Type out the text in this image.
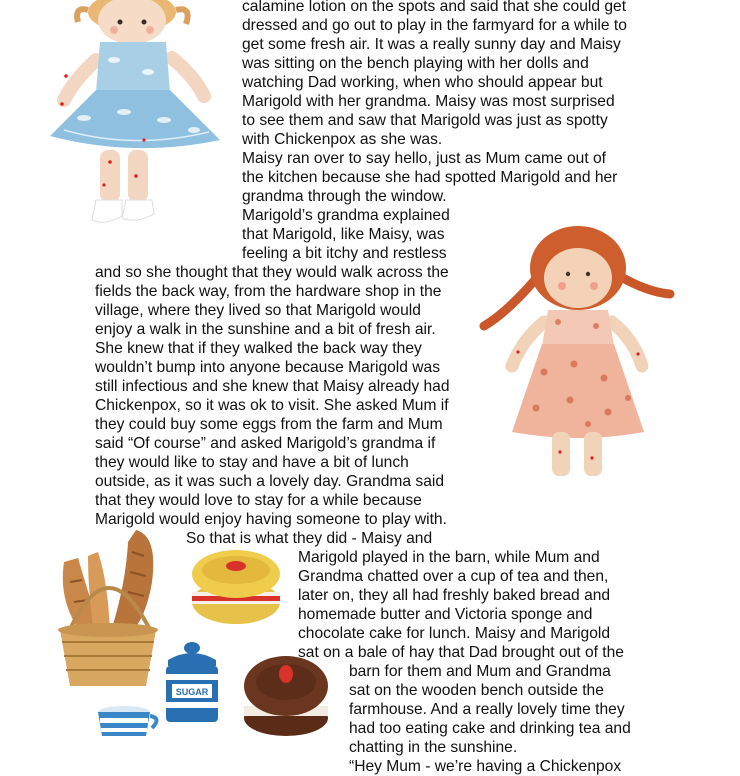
SUGAR

calamine lotion on the spots and said that she could get

dressed and go out to play in the farmyard for a while to

get some fresh air. It was a really sunny day and Maisy

was sitting on the bench playing with her dolls and

watching Dad working, when who should appear but

Marigold with her grandma. Maisy was most surprised

to see them and saw that Marigold was just as spotty

with Chickenpox as she was.

Maisy ran over to say hello, just as Mum came out of

the kitchen because she had spotted Marigold and her

grandma through the window.

Marigold’s grandma explained

that Marigold, like Maisy, was

feeling a bit itchy and restless

and so she thought that they would walk across the

fields the back way, from the hardware shop in the

village, where they lived so that Marigold would

enjoy a walk in the sunshine and a bit of fresh air.

She knew that if they walked the back way they

wouldn’t bump into anyone because Marigold was

still infectious and she knew that Maisy already had

Chickenpox, so it was ok to visit. She asked Mum if

they could buy some eggs from the farm and Mum

said “Of course” and asked Marigold’s grandma if

they would like to stay and have a bit of lunch

outside, as it was such a lovely day. Grandma said

that they would love to stay for a while because

Marigold would enjoy having someone to play with.

So that is what they did - Maisy and

Marigold played in the barn, while Mum and

Grandma chatted over a cup of tea and then,

later on, they all had freshly baked bread and

homemade butter and Victoria sponge and

chocolate cake for lunch. Maisy and Marigold

sat on a bale of hay that Dad brought out of the

barn for them and Mum and Grandma

sat on the wooden bench outside the

farmhouse. And a really lovely time they

had too eating cake and drinking tea and

chatting in the sunshine.

“Hey Mum - we’re having a Chickenpox
